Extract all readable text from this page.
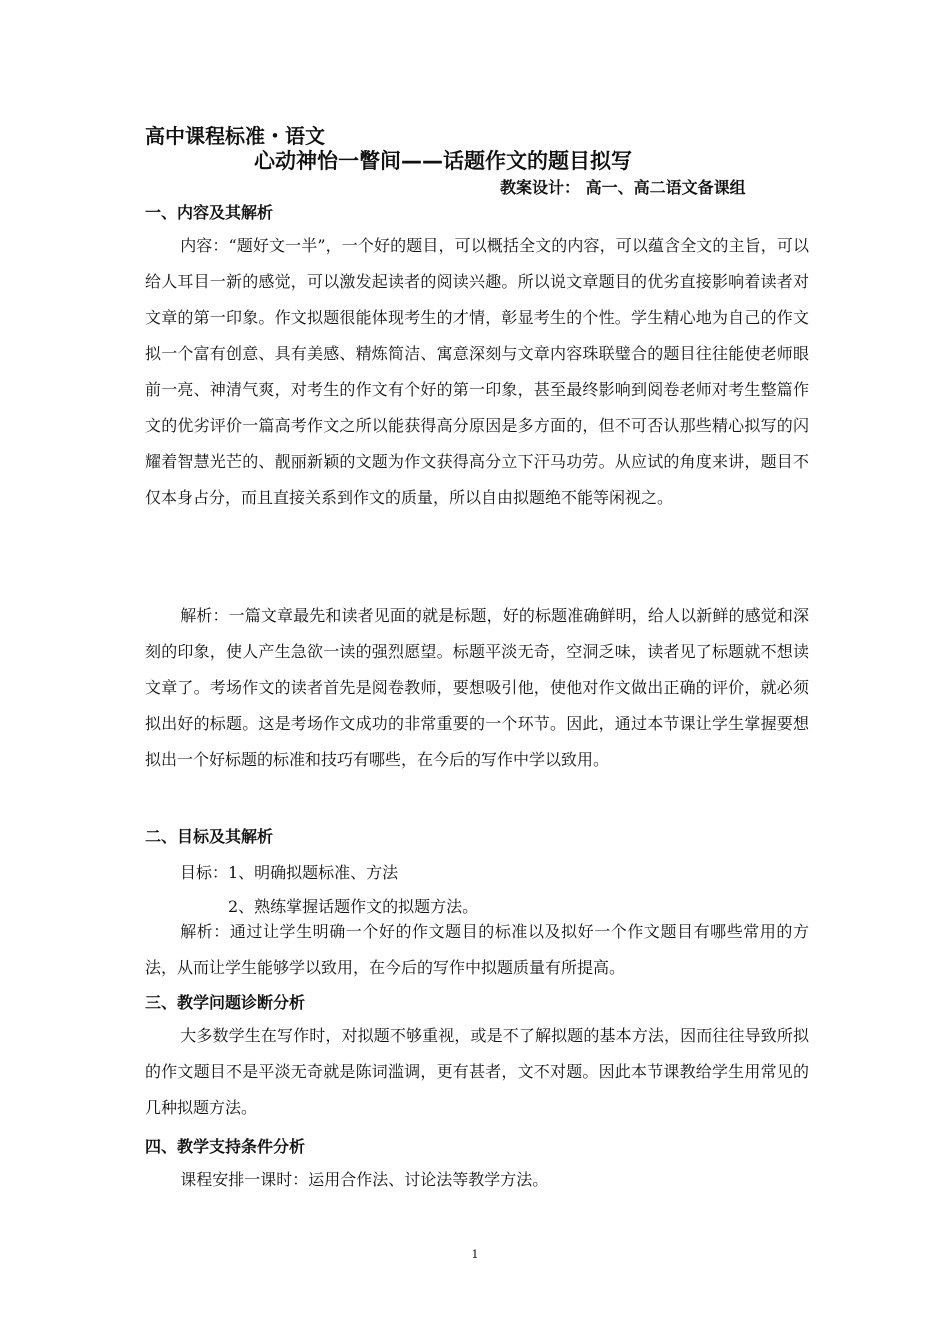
高中课程标准・语文
心动神怡一瞥间——话题作文的题目拟写
教案设计： 高一、高二语文备课组
一、内容及其解析

内容：“题好文一半”，一个好的题目，可以概括全文的内容，可以蕴含全文的主旨，可以给人耳目一新的感觉，可以激发起读者的阅读兴趣。所以说文章题目的优劣直接影响着读者对文章的第一印象。作文拟题很能体现考生的才情，彰显考生的个性。学生精心地为自己的作文拟一个富有创意、具有美感、精炼简洁、寓意深刻与文章内容珠联璧合的题目往往能使老师眼前一亮、神清气爽，对考生的作文有个好的第一印象，甚至最终影响到阅卷老师对考生整篇作文的优劣评价一篇高考作文之所以能获得高分原因是多方面的，但不可否认那些精心拟写的闪耀着智慧光芒的、靓丽新颖的文题为作文获得高分立下汗马功劳。从应试的角度来讲，题目不仅本身占分，而且直接关系到作文的质量，所以自由拟题绝不能等闲视之。

解析：一篇文章最先和读者见面的就是标题，好的标题准确鲜明，给人以新鲜的感觉和深刻的印象，使人产生急欲一读的强烈愿望。标题平淡无奇，空洞乏味，读者见了标题就不想读文章了。考场作文的读者首先是阅卷教师，要想吸引他，使他对作文做出正确的评价，就必须拟出好的标题。这是考场作文成功的非常重要的一个环节。因此，通过本节课让学生掌握要想拟出一个好标题的标准和技巧有哪些，在今后的写作中学以致用。

二、目标及其解析
目标：1、明确拟题标准、方法
2、熟练掌握话题作文的拟题方法。

解析：通过让学生明确一个好的作文题目的标准以及拟好一个作文题目有哪些常用的方法，从而让学生能够学以致用，在今后的写作中拟题质量有所提高。

三、教学问题诊断分析

大多数学生在写作时，对拟题不够重视，或是不了解拟题的基本方法，因而往往导致所拟的作文题目不是平淡无奇就是陈词滥调，更有甚者，文不对题。因此本节课教给学生用常见的几种拟题方法。

四、教学支持条件分析

课程安排一课时：运用合作法、讨论法等教学方法。

1
